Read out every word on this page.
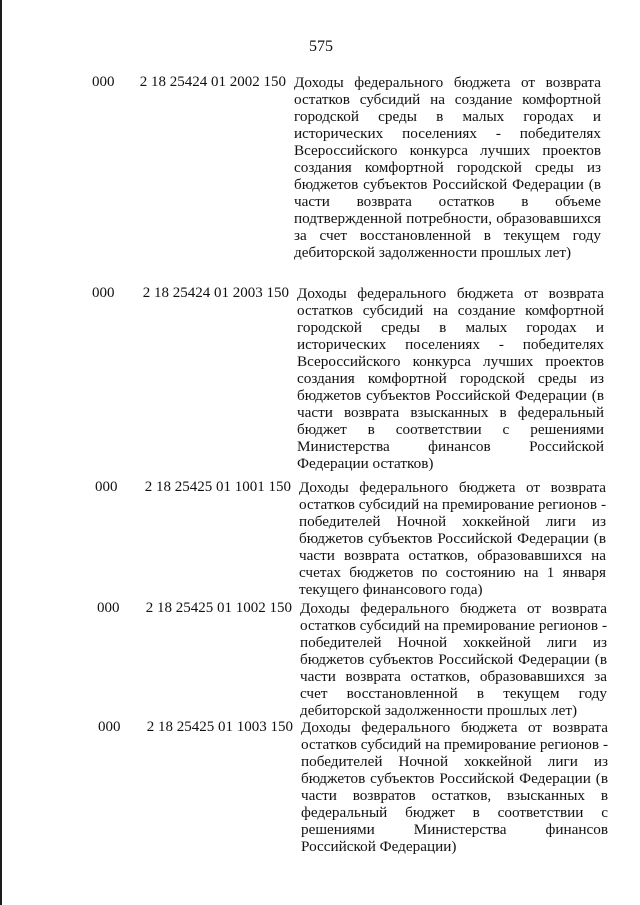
575
000	2 18 25424 01 2002 150 Доходы федерального бюджета от возврата остатков субсидий на создание комфортной городской среды в малых городах и исторических поселениях - победителях Всероссийского конкурса лучших проектов создания комфортной городской среды из бюджетов субъектов Российской Федерации (в части возврата остатков в объеме подтвержденной потребности, образовавшихся за счет восстановленной в текущем году дебиторской задолженности прошлых лет)
000	2 18 25424 01 2003 150 Доходы федерального бюджета от возврата остатков субсидий на создание комфортной городской среды в малых городах и исторических поселениях - победителях Всероссийского конкурса лучших проектов создания комфортной городской среды из бюджетов субъектов Российской Федерации (в части возврата взысканных в федеральный бюджет в соответствии с решениями Министерства финансов Российской Федерации остатков)
000	2 18 25425 01 1001 150 Доходы федерального бюджета от возврата остатков субсидий на премирование регионов - победителей Ночной хоккейной лиги из бюджетов субъектов Российской Федерации (в части возврата остатков, образовавшихся на счетах бюджетов по состоянию на 1 января текущего финансового года)
000	2 18 25425 01 1002 150 Доходы федерального бюджета от возврата остатков субсидий на премирование регионов - победителей Ночной хоккейной лиги из бюджетов субъектов Российской Федерации (в части возврата остатков, образовавшихся за счет восстановленной в текущем году дебиторской задолженности прошлых лет)
000	2 18 25425 01 1003 150 Доходы федерального бюджета от возврата остатков субсидий на премирование регионов - победителей Ночной хоккейной лиги из бюджетов субъектов Российской Федерации (в части возвратов остатков, взысканных в федеральный бюджет в соответствии с решениями Министерства финансов Российской Федерации)
